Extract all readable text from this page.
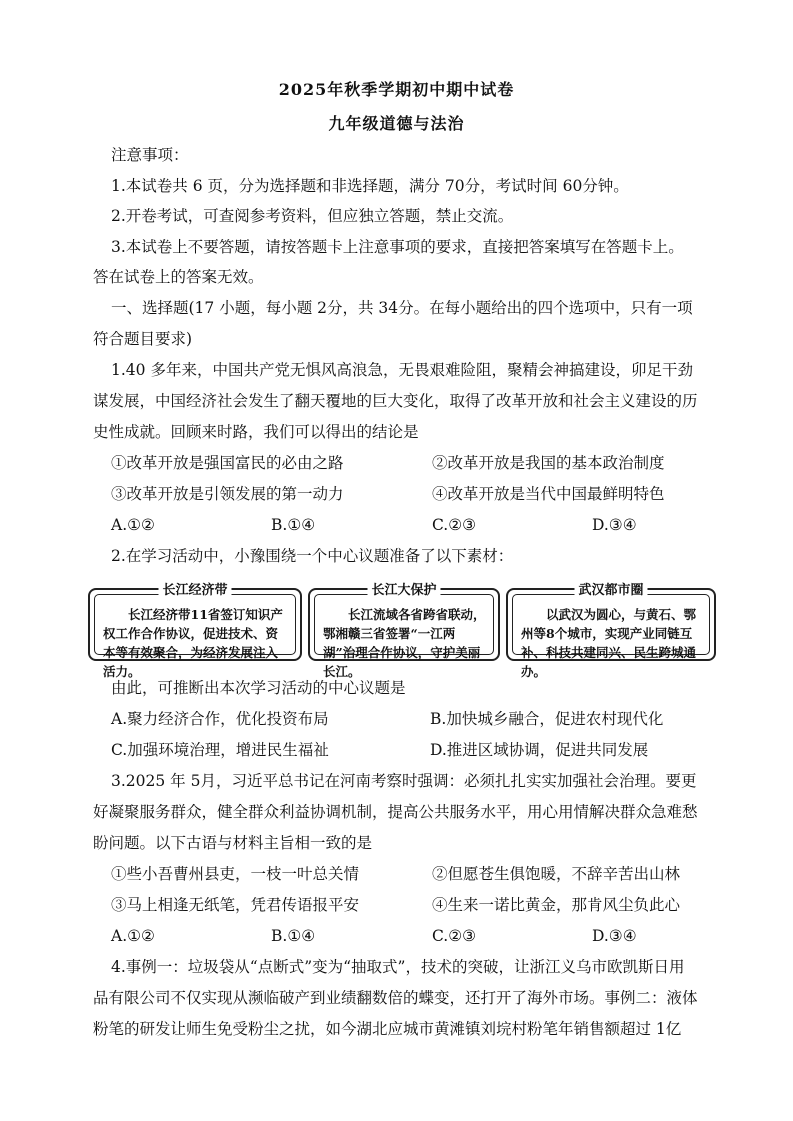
2025年秋季学期初中期中试卷
九年级道德与法治
注意事项：
1.本试卷共 6 页，分为选择题和非选择题，满分 70分，考试时间 60分钟。
2.开卷考试，可查阅参考资料，但应独立答题，禁止交流。
3.本试卷上不要答题，请按答题卡上注意事项的要求，直接把答案填写在答题卡上。
答在试卷上的答案无效。
一、选择题(17 小题，每小题 2分，共 34分。在每小题给出的四个选项中，只有一项
符合题目要求)
1.40 多年来，中国共产党无惧风高浪急，无畏艰难险阻，聚精会神搞建设，卯足干劲
谋发展，中国经济社会发生了翻天覆地的巨大变化，取得了改革开放和社会主义建设的历
史性成就。回顾来时路，我们可以得出的结论是
①改革开放是强国富民的必由之路	②改革开放是我国的基本政治制度
③改革开放是引领发展的第一动力	④改革开放是当代中国最鲜明特色
A.①②	B.①④	C.②③	D.③④
2.在学习活动中，小豫围绕一个中心议题准备了以下素材：
长江经济带
长江经济带11省签订知识产权工作合作协议，促进技术、资本等有效聚合，为经济发展注入活力。
长江大保护
长江流域各省跨省联动，鄂湘赣三省签署“一江两湖”治理合作协议，守护美丽长江。
武汉都市圈
以武汉为圆心，与黄石、鄂州等8个城市，实现产业同链互补、科技共建同兴、民生跨城通办。
由此，可推断出本次学习活动的中心议题是
A.聚力经济合作，优化投资布局	B.加快城乡融合，促进农村现代化
C.加强环境治理，增进民生福祉	D.推进区域协调，促进共同发展
3.2025 年 5月，习近平总书记在河南考察时强调：必须扎扎实实加强社会治理。要更
好凝聚服务群众，健全群众利益协调机制，提高公共服务水平，用心用情解决群众急难愁
盼问题。以下古语与材料主旨相一致的是
①些小吾曹州县吏，一枝一叶总关情	②但愿苍生俱饱暖，不辞辛苦出山林
③马上相逢无纸笔，凭君传语报平安	④生来一诺比黄金，那肯风尘负此心
A.①②	B.①④	C.②③	D.③④
4.事例一：垃圾袋从“点断式”变为“抽取式”，技术的突破，让浙江义乌市欧凯斯日用
品有限公司不仅实现从濒临破产到业绩翻数倍的蝶变，还打开了海外市场。事例二：液体
粉笔的研发让师生免受粉尘之扰，如今湖北应城市黄滩镇刘垸村粉笔年销售额超过 1亿
